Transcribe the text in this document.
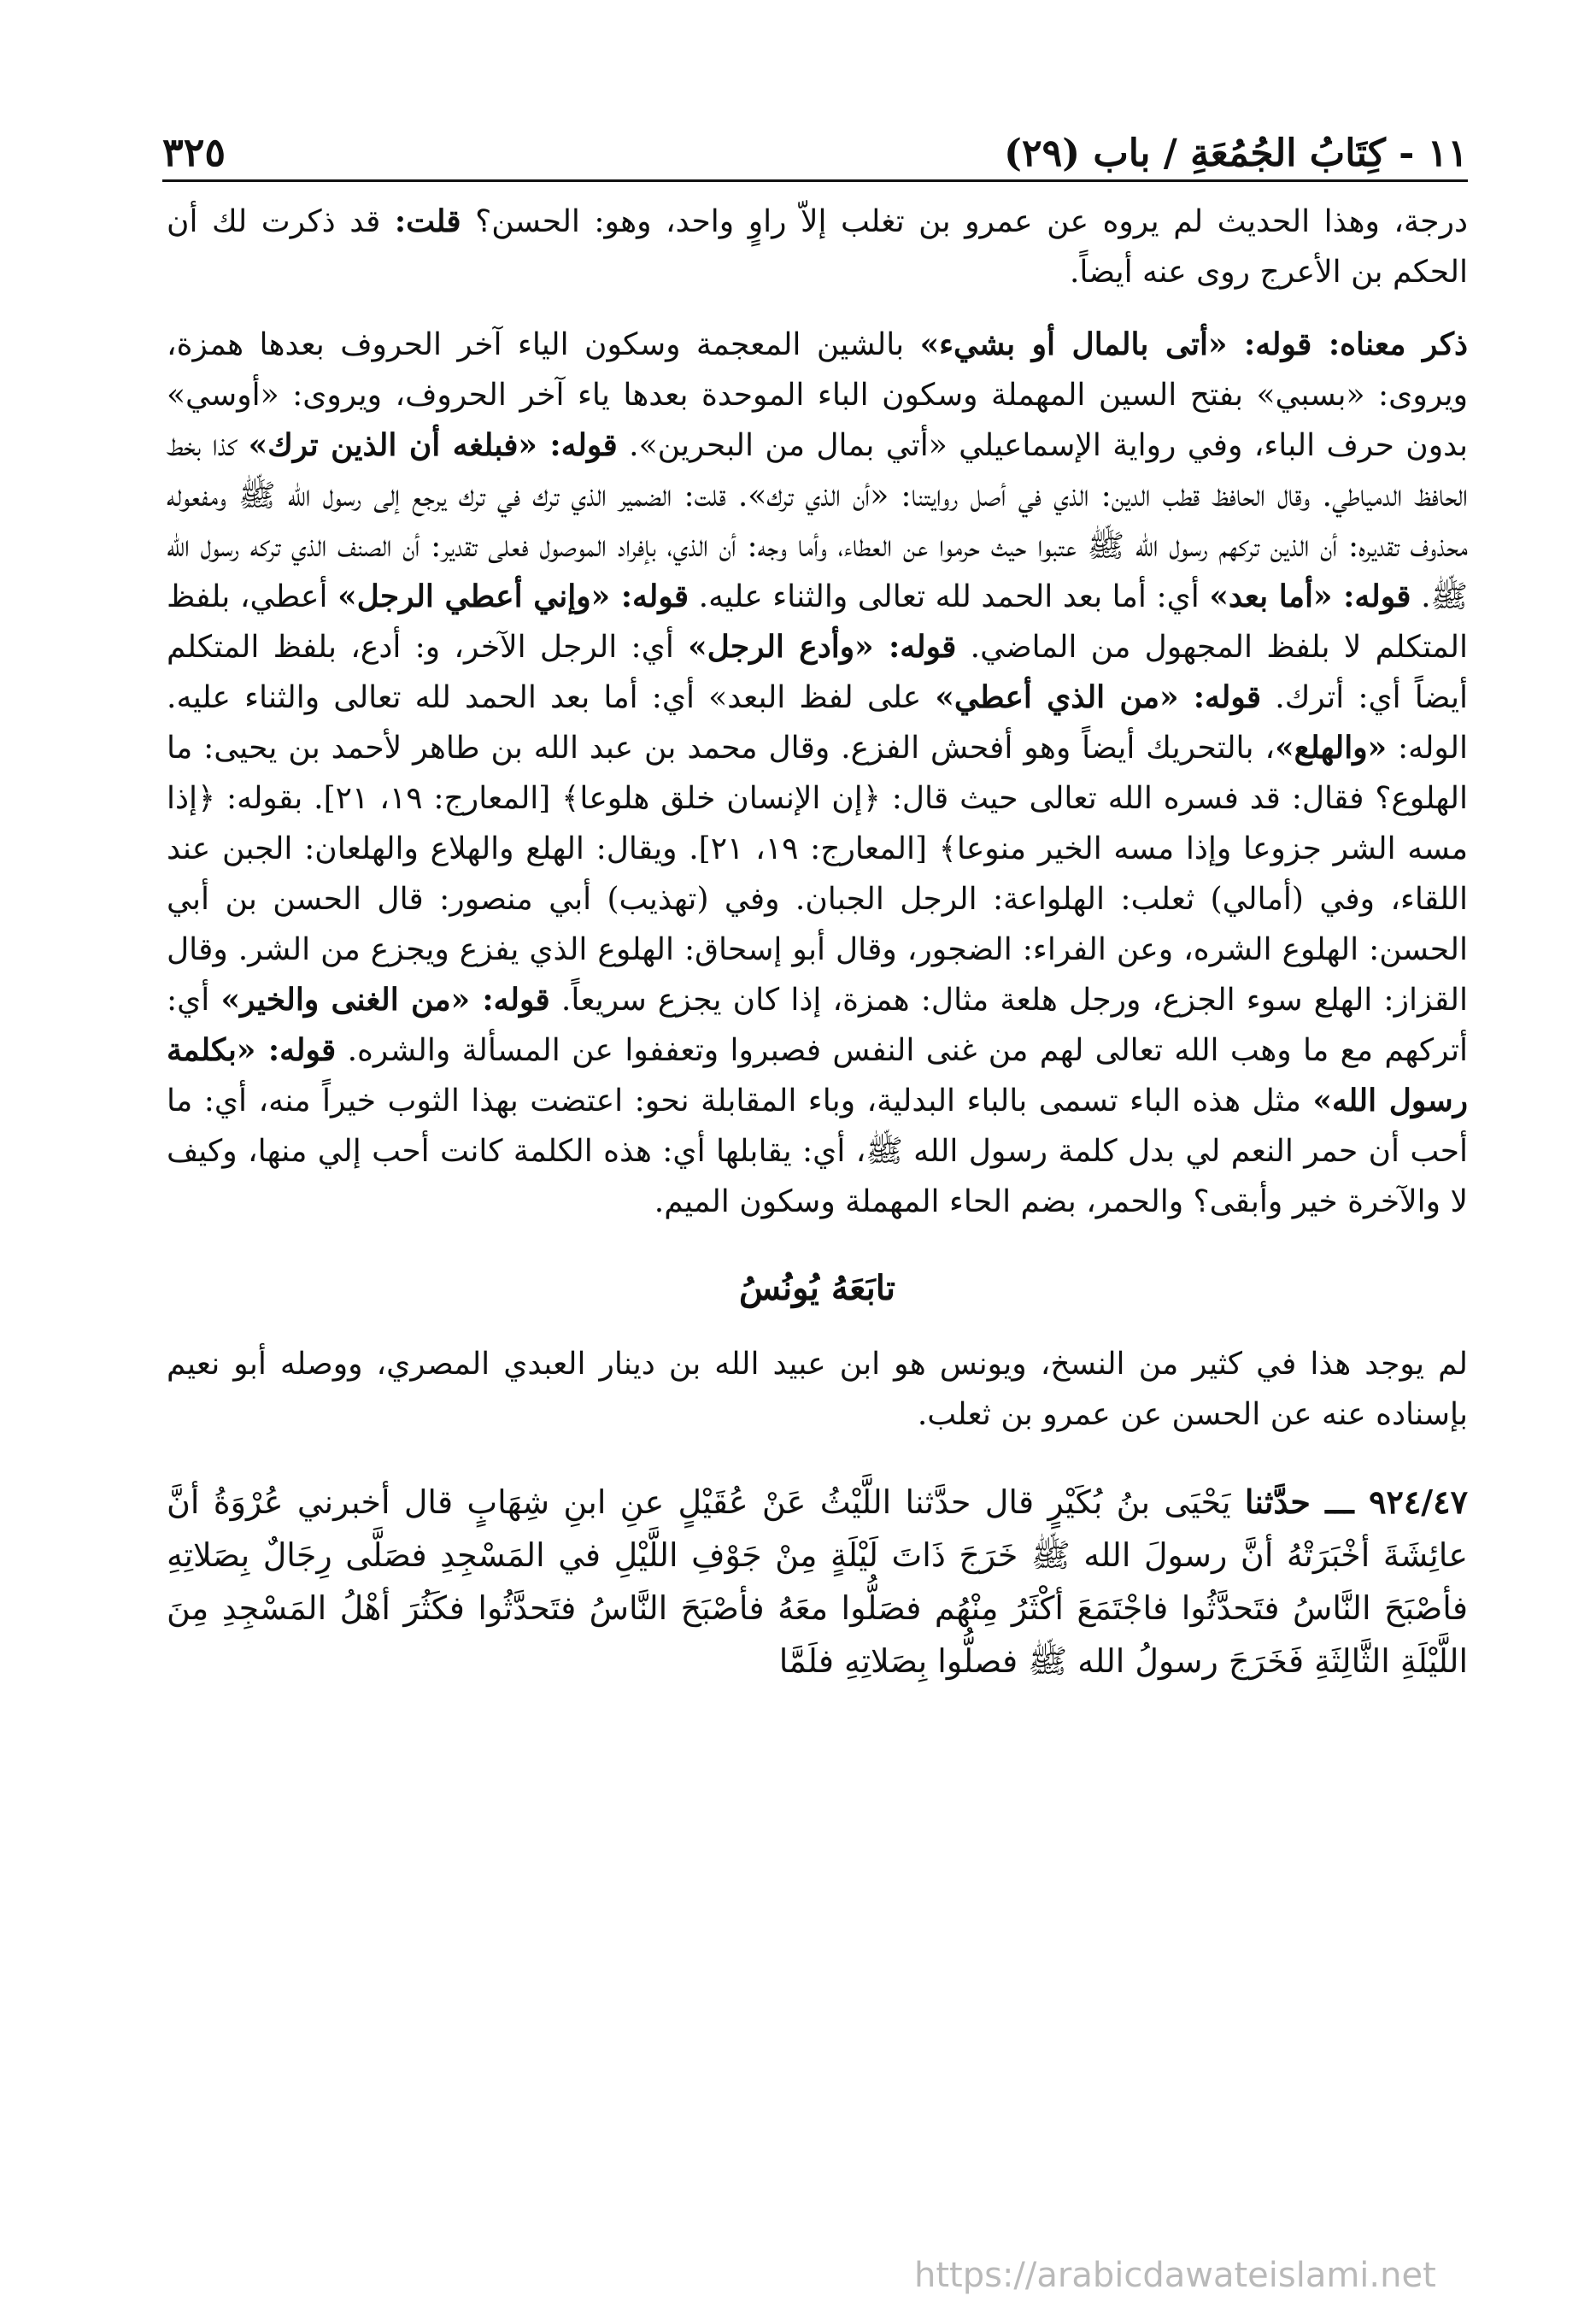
٣٢٥	١١ - كِتَابُ الجُمُعَةِ / باب (٢٩)

درجة، وهذا الحديث لم يروه عن عمرو بن تغلب إلاّ راوٍ واحد، وهو: الحسن؟ قلت: قد ذكرت لك أن الحكم بن الأعرج روى عنه أيضاً.

ذكر معناه: قوله: «أتى بالمال أو بشيء» بالشين المعجمة وسكون الياء آخر الحروف بعدها همزة، ويروى: «بسبي» بفتح السين المهملة وسكون الباء الموحدة بعدها ياء آخر الحروف، ويروى: «أوسي» بدون حرف الباء، وفي رواية الإسماعيلي «أتي بمال من البحرين». قوله: «فبلغه أن الذين ترك» كذا بخط الحافظ الدمياطي. وقال الحافظ قطب الدين: الذي في أصل روايتنا: «أن الذي ترك». قلت: الضمير الذي ترك في ترك يرجع إلى رسول الله ﷺ ومفعوله محذوف تقديره: أن الذين تركهم رسول الله ﷺ عتبوا حيث حرموا عن العطاء، وأما وجه: أن الذي، بإفراد الموصول فعلى تقدير: أن الصنف الذي تركه رسول الله ﷺ. قوله: «أما بعد» أي: أما بعد الحمد لله تعالى والثناء عليه. قوله: «وإني أعطي الرجل» أعطي، بلفظ المتكلم لا بلفظ المجهول من الماضي. قوله: «وأدع الرجل» أي: الرجل الآخر، و: أدع، بلفظ المتكلم أيضاً أي: أترك. قوله: «من الذي أعطي» على لفظ البعد» أي: أما بعد الحمد لله تعالى والثناء عليه. الوله: «والهلع»، بالتحريك أيضاً وهو أفحش الفزع. وقال محمد بن عبد الله بن طاهر لأحمد بن يحيى: ما الهلوع؟ فقال: قد فسره الله تعالى حيث قال: ﴿إن الإنسان خلق هلوعا﴾ [المعارج: ١٩، ٢١]. بقوله: ﴿إذا مسه الشر جزوعا وإذا مسه الخير منوعا﴾ [المعارج: ١٩، ٢١]. ويقال: الهلع والهلاع والهلعان: الجبن عند اللقاء، وفي (أمالي) ثعلب: الهلواعة: الرجل الجبان. وفي (تهذيب) أبي منصور: قال الحسن بن أبي الحسن: الهلوع الشره، وعن الفراء: الضجور، وقال أبو إسحاق: الهلوع الذي يفزع ويجزع من الشر. وقال القزاز: الهلع سوء الجزع، ورجل هلعة مثال: همزة، إذا كان يجزع سريعاً. قوله: «من الغنى والخير» أي: أتركهم مع ما وهب الله تعالى لهم من غنى النفس فصبروا وتعففوا عن المسألة والشره. قوله: «بكلمة رسول الله» مثل هذه الباء تسمى بالباء البدلية، وباء المقابلة نحو: اعتضت بهذا الثوب خيراً منه، أي: ما أحب أن حمر النعم لي بدل كلمة رسول الله ﷺ، أي: يقابلها أي: هذه الكلمة كانت أحب إلي منها، وكيف لا والآخرة خير وأبقى؟ والحمر، بضم الحاء المهملة وسكون الميم.

تابَعَهُ يُونُسُ

لم يوجد هذا في كثير من النسخ، ويونس هو ابن عبيد الله بن دينار العبدي المصري، ووصله أبو نعيم بإسناده عنه عن الحسن عن عمرو بن ثعلب.

٩٢٤/٤٧ ـــ حدَّثنا يَحْيَى بنُ بُكَيْرٍ قال حدَّثنا اللَّيْثُ عَنْ عُقَيْلٍ عنِ ابنِ شِهَابٍ قال أخبرني عُرْوَةُ أنَّ عائِشَةَ أخْبَرَتْهُ أنَّ رسولَ الله ﷺ خَرَجَ ذَاتَ لَيْلَةٍ مِنْ جَوْفِ اللَّيْلِ في المَسْجِدِ فصَلَّى رِجَالٌ بِصَلاتِهِ فأصْبَحَ النَّاسُ فتَحدَّثُوا فاجْتَمَعَ أكْثَرُ مِنْهُم فصَلُّوا معَهُ فأصْبَحَ النَّاسُ فتَحدَّثُوا فكَثُرَ أهْلُ المَسْجِدِ مِنَ اللَّيْلَةِ الثَّالِثَةِ فَخَرَجَ رسولُ الله ﷺ فصلُّوا بِصَلاتِهِ فلَمَّا

https://arabicdawateislami.net
